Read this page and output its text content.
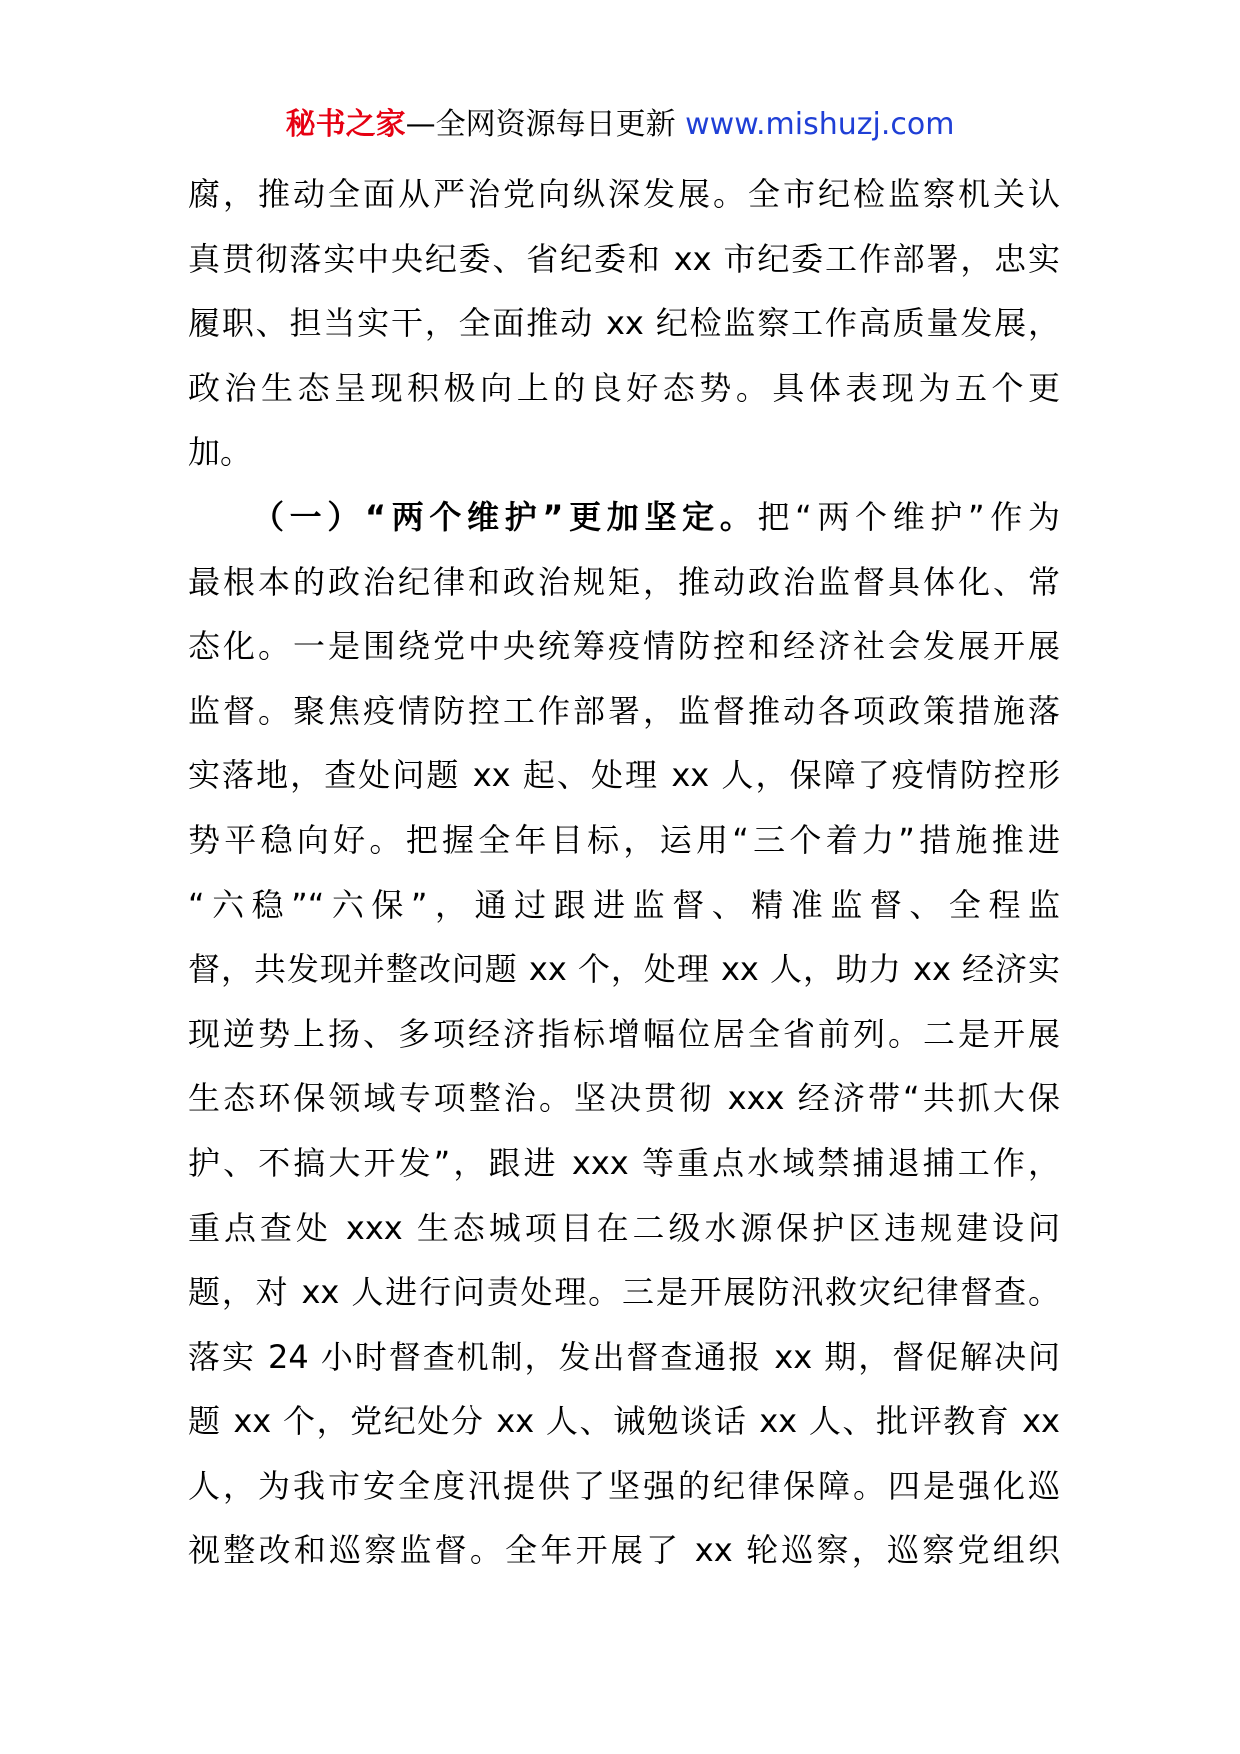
秘书之家—全网资源每日更新 www.mishuzj.com
腐，推动全面从严治党向纵深发展。全市纪检监察机关认
真贯彻落实中央纪委、省纪委和 xx 市纪委工作部署，忠实
履职、担当实干，全面推动 xx 纪检监察工作高质量发展，
政治生态呈现积极向上的良好态势。具体表现为五个更
加。
（一）“两个维护”更加坚定。把“两个维护”作为
最根本的政治纪律和政治规矩，推动政治监督具体化、常
态化。一是围绕党中央统筹疫情防控和经济社会发展开展
监督。聚焦疫情防控工作部署，监督推动各项政策措施落
实落地，查处问题 xx 起、处理 xx 人，保障了疫情防控形
势平稳向好。把握全年目标，运用“三个着力”措施推进
“六稳”“六保”，通过跟进监督、精准监督、全程监
督，共发现并整改问题 xx 个，处理 xx 人，助力 xx 经济实
现逆势上扬、多项经济指标增幅位居全省前列。二是开展
生态环保领域专项整治。坚决贯彻 xxx 经济带“共抓大保
护、不搞大开发”，跟进 xxx 等重点水域禁捕退捕工作，
重点查处 xxx 生态城项目在二级水源保护区违规建设问
题，对 xx 人进行问责处理。三是开展防汛救灾纪律督查。
落实 24 小时督查机制，发出督查通报 xx 期，督促解决问
题 xx 个，党纪处分 xx 人、诫勉谈话 xx 人、批评教育 xx
人，为我市安全度汛提供了坚强的纪律保障。四是强化巡
视整改和巡察监督。全年开展了 xx 轮巡察，巡察党组织
